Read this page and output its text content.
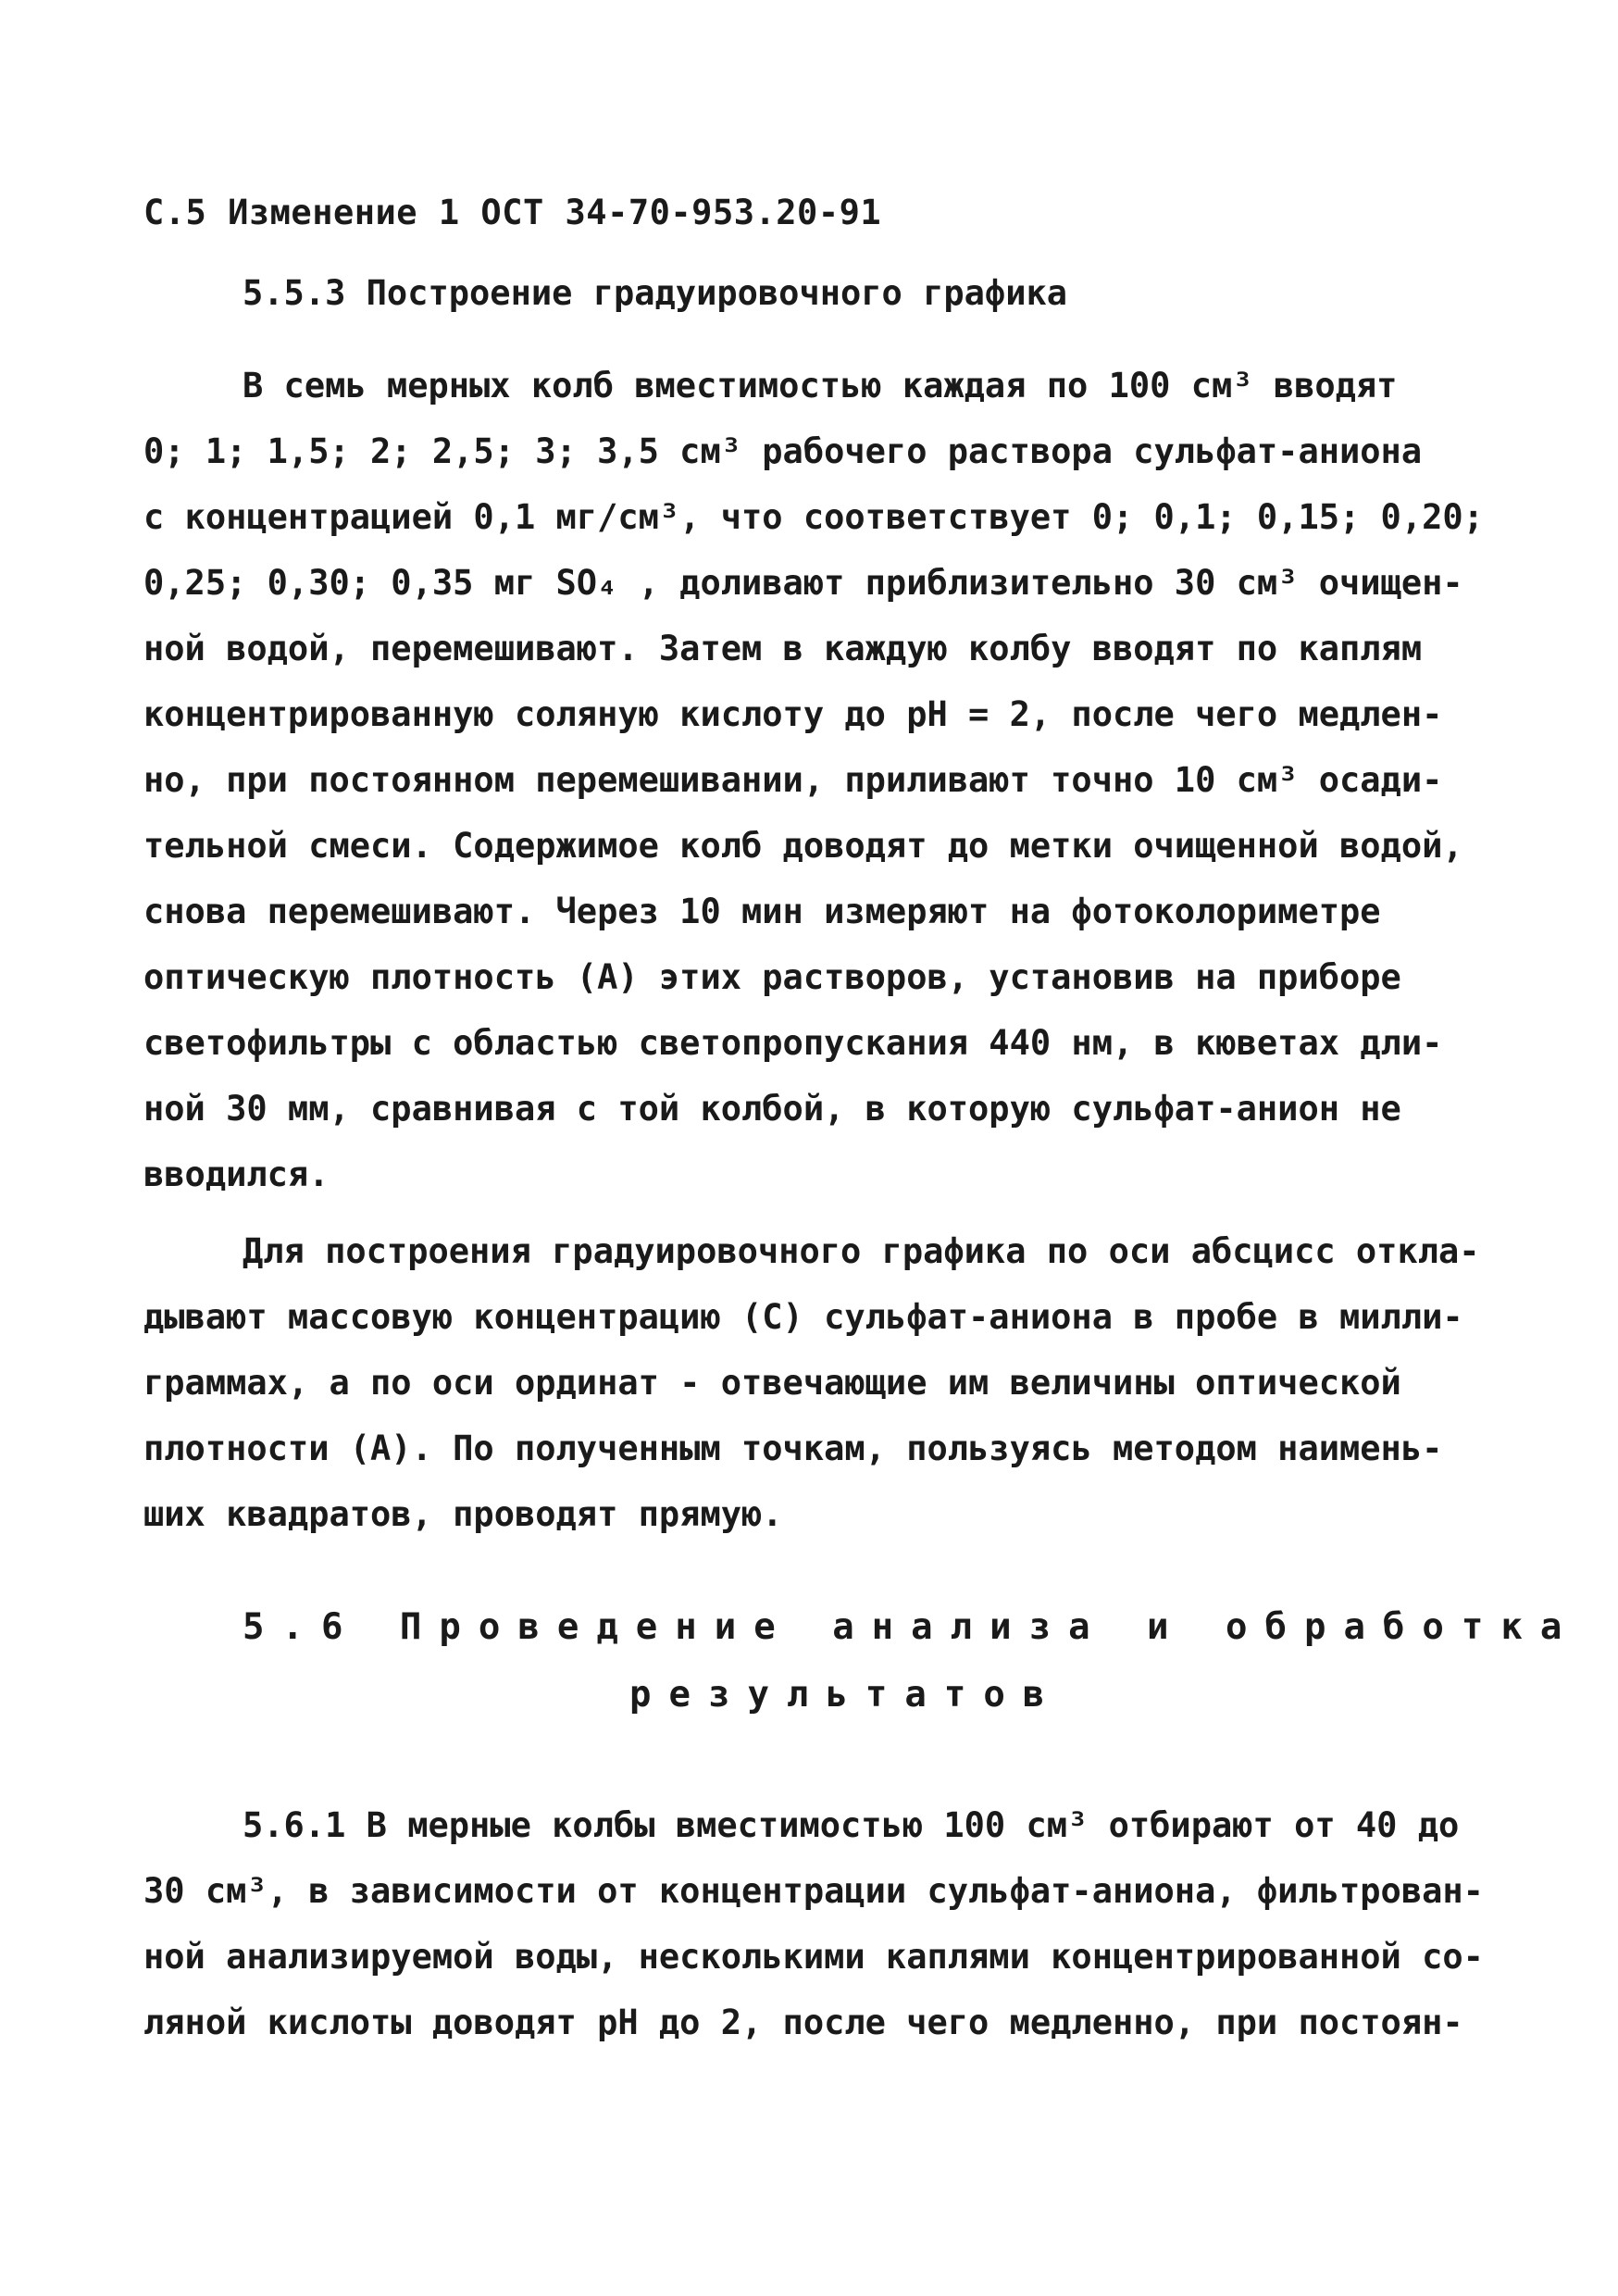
С.5 Изменение 1 ОСТ 34-70-953.20-91
5.5.3 Построение градуировочного графика
В семь мерных колб вместимостью каждая по 100 см³ вводят
0; 1; 1,5; 2; 2,5; 3; 3,5 см³ рабочего раствора сульфат-аниона
с концентрацией 0,1 мг/см³, что соответствует 0; 0,1; 0,15; 0,20;
0,25; 0,30; 0,35 мг SO₄ , доливают приблизительно 30 см³ очищен-
ной водой, перемешивают. Затем в каждую колбу вводят по каплям
концентрированную соляную кислоту до pH = 2, после чего медлен-
но, при постоянном перемешивании, приливают точно 10 см³ осади-
тельной смеси. Содержимое колб доводят до метки очищенной водой,
снова перемешивают. Через 10 мин измеряют на фотоколориметре
оптическую плотность (А) этих растворов, установив на приборе
светофильтры с областью светопропускания 440 нм, в кюветах дли-
ной 30 мм, сравнивая с той колбой, в которую сульфат-анион не
вводился.
Для построения градуировочного графика по оси абсцисс откла-
дывают массовую концентрацию (С) сульфат-аниона в пробе в милли-
граммах, а по оси ординат - отвечающие им величины оптической
плотности (А). По полученным точкам, пользуясь методом наимень-
ших квадратов, проводят прямую.
5.6 Проведение анализа и обработка
результатов
5.6.1 В мерные колбы вместимостью 100 см³ отбирают от 40 до
30 см³, в зависимости от концентрации сульфат-аниона, фильтрован-
ной анализируемой воды, несколькими каплями концентрированной со-
ляной кислоты доводят pH до 2, после чего медленно, при постоян-
